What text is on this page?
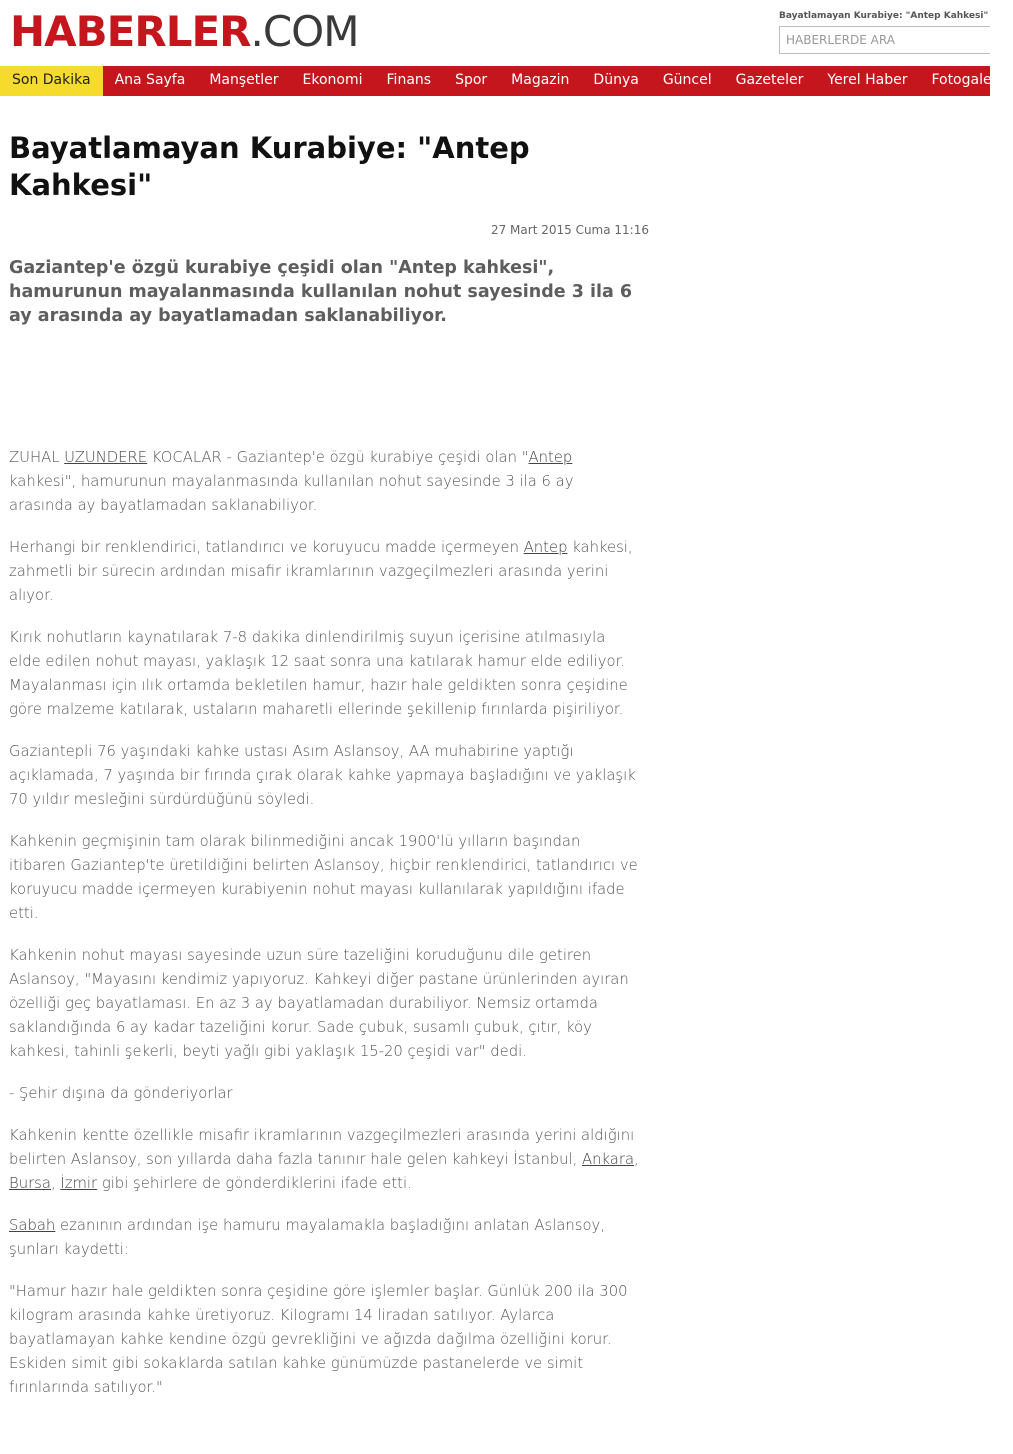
HABERLER .COM	Bayatlamayan Kurabiye: "Antep Kahkesi"
HABERLERDE ARA
Son Dakika	Ana Sayfa	Manşetler	Ekonomi	Finans	Spor	Magazin	Dünya	Güncel	Gazeteler	Yerel Haber	Fotogaleri
Bayatlamayan Kurabiye: "Antep Kahkesi"
27 Mart 2015 Cuma 11:16
Gaziantep'e özgü kurabiye çeşidi olan "Antep kahkesi", hamurunun mayalanmasında kullanılan nohut sayesinde 3 ila 6 ay arasında ay bayatlamadan saklanabiliyor.

ZUHAL UZUNDERE KOCALAR - Gaziantep'e özgü kurabiye çeşidi olan "Antep kahkesi", hamurunun mayalanmasında kullanılan nohut sayesinde 3 ila 6 ay arasında ay bayatlamadan saklanabiliyor.

Herhangi bir renklendirici, tatlandırıcı ve koruyucu madde içermeyen Antep kahkesi, zahmetli bir sürecin ardından misafir ikramlarının vazgeçilmezleri arasında yerini alıyor.

Kırık nohutların kaynatılarak 7-8 dakika dinlendirilmiş suyun içerisine atılmasıyla elde edilen nohut mayası, yaklaşık 12 saat sonra una katılarak hamur elde ediliyor. Mayalanması için ılık ortamda bekletilen hamur, hazır hale geldikten sonra çeşidine göre malzeme katılarak, ustaların maharetli ellerinde şekillenip fırınlarda pişiriliyor.

Gaziantepli 76 yaşındaki kahke ustası Asım Aslansoy, AA muhabirine yaptığı açıklamada, 7 yaşında bir fırında çırak olarak kahke yapmaya başladığını ve yaklaşık 70 yıldır mesleğini sürdürdüğünü söyledi.

Kahkenin geçmişinin tam olarak bilinmediğini ancak 1900'lü yılların başından itibaren Gaziantep'te üretildiğini belirten Aslansoy, hiçbir renklendirici, tatlandırıcı ve koruyucu madde içermeyen kurabiyenin nohut mayası kullanılarak yapıldığını ifade etti.

Kahkenin nohut mayası sayesinde uzun süre tazeliğini koruduğunu dile getiren Aslansoy, "Mayasını kendimiz yapıyoruz. Kahkeyi diğer pastane ürünlerinden ayıran özelliği geç bayatlaması. En az 3 ay bayatlamadan durabiliyor. Nemsiz ortamda saklandığında 6 ay kadar tazeliğini korur. Sade çubuk, susamlı çubuk, çıtır, köy kahkesi, tahinli şekerli, beyti yağlı gibi yaklaşık 15-20 çeşidi var" dedi.

- Şehir dışına da gönderiyorlar

Kahkenin kentte özellikle misafir ikramlarının vazgeçilmezleri arasında yerini aldığını belirten Aslansoy, son yıllarda daha fazla tanınır hale gelen kahkeyi İstanbul, Ankara, Bursa, İzmir gibi şehirlere de gönderdiklerini ifade etti.

Sabah ezanının ardından işe hamuru mayalamakla başladığını anlatan Aslansoy, şunları kaydetti:

"Hamur hazır hale geldikten sonra çeşidine göre işlemler başlar. Günlük 200 ila 300 kilogram arasında kahke üretiyoruz. Kilogramı 14 liradan satılıyor. Aylarca bayatlamayan kahke kendine özgü gevrekliğini ve ağızda dağılma özelliğini korur. Eskiden simit gibi sokaklarda satılan kahke günümüzde pastanelerde ve simit fırınlarında satılıyor."
